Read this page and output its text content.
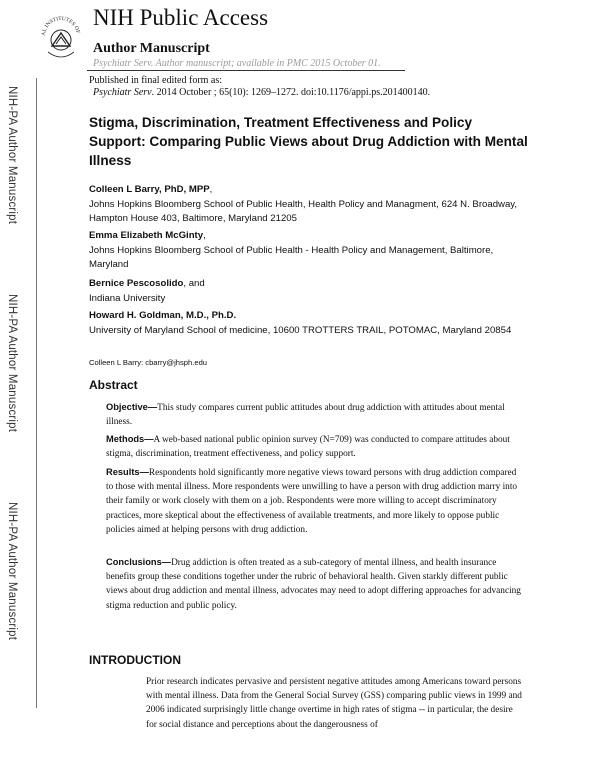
NIH-PA Author Manuscript
NIH-PA Author Manuscript
NIH-PA Author Manuscript
AL INSTITUTES OF
NIH Public Access
Author Manuscript
Psychiatr Serv. Author manuscript; available in PMC 2015 October 01.
Published in final edited form as:
Psychiatr Serv. 2014 October ; 65(10): 1269–1272. doi:10.1176/appi.ps.201400140.
Stigma, Discrimination, Treatment Effectiveness and Policy Support: Comparing Public Views about Drug Addiction with Mental Illness
Colleen L Barry, PhD, MPP,
Johns Hopkins Bloomberg School of Public Health, Health Policy and Managment, 624 N. Broadway, Hampton House 403, Baltimore, Maryland 21205
Emma Elizabeth McGinty,
Johns Hopkins Bloomberg School of Public Health - Health Policy and Management, Baltimore, Maryland
Bernice Pescosolido, and
Indiana University
Howard H. Goldman, M.D., Ph.D.
University of Maryland School of medicine, 10600 TROTTERS TRAIL, POTOMAC, Maryland 20854
Colleen L Barry: cbarry@jhsph.edu
Abstract
Objective—This study compares current public attitudes about drug addiction with attitudes about mental illness.
Methods—A web-based national public opinion survey (N=709) was conducted to compare attitudes about stigma, discrimination, treatment effectiveness, and policy support.
Results—Respondents hold significantly more negative views toward persons with drug addiction compared to those with mental illness. More respondents were unwilling to have a person with drug addiction marry into their family or work closely with them on a job. Respondents were more willing to accept discriminatory practices, more skeptical about the effectiveness of available treatments, and more likely to oppose public policies aimed at helping persons with drug addiction.
Conclusions—Drug addiction is often treated as a sub-category of mental illness, and health insurance benefits group these conditions together under the rubric of behavioral health. Given starkly different public views about drug addiction and mental illness, advocates may need to adopt differing approaches for advancing stigma reduction and public policy.
INTRODUCTION
Prior research indicates pervasive and persistent negative attitudes among Americans toward persons with mental illness. Data from the General Social Survey (GSS) comparing public views in 1999 and 2006 indicated surprisingly little change overtime in high rates of stigma -- in particular, the desire for social distance and perceptions about the dangerousness of
